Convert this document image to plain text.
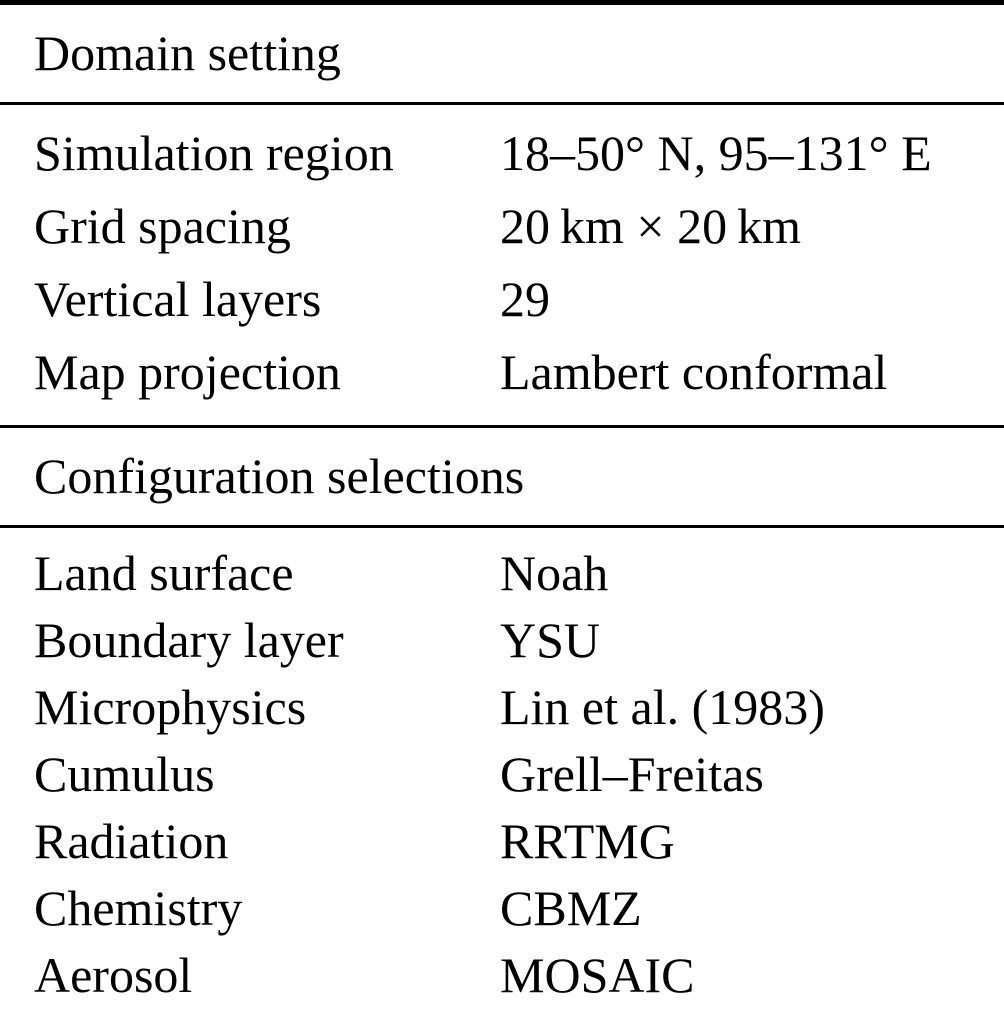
Domain setting
Simulation region	18–50° N, 95–131° E
Grid spacing	20 km × 20 km
Vertical layers	29
Map projection	Lambert conformal
Configuration selections
Land surface	Noah
Boundary layer	YSU
Microphysics	Lin et al. (1983)
Cumulus	Grell–Freitas
Radiation	RRTMG
Chemistry	CBMZ
Aerosol	MOSAIC
